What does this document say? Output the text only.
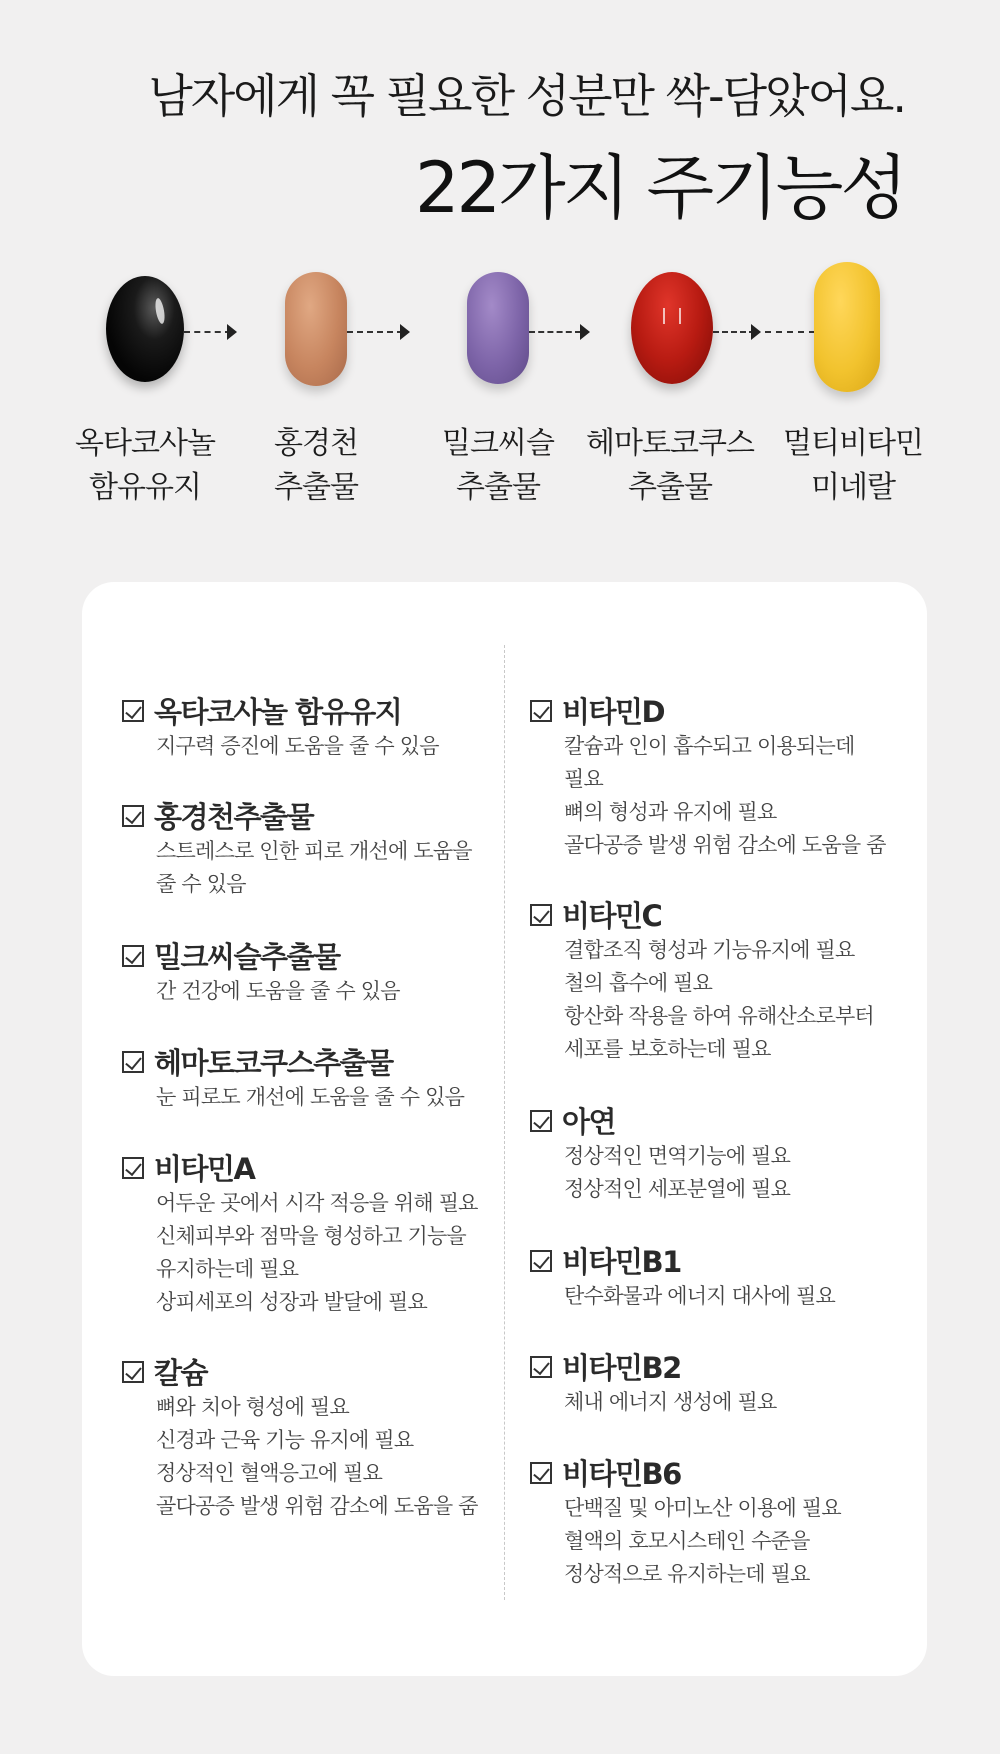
남자에게 꼭 필요한 성분만 싹-담았어요.
22가지 주기능성
옥타코사놀
함유유지
홍경천
추출물
밀크씨슬
추출물
헤마토코쿠스
추출물
멀티비타민
미네랄
옥타코사놀 함유유지
지구력 증진에 도움을 줄 수 있음
홍경천추출물
스트레스로 인한 피로 개선에 도움을
줄 수 있음
밀크씨슬추출물
간 건강에 도움을 줄 수 있음
헤마토코쿠스추출물
눈 피로도 개선에 도움을 줄 수 있음
비타민A
어두운 곳에서 시각 적응을 위해 필요
신체피부와 점막을 형성하고 기능을
유지하는데 필요
상피세포의 성장과 발달에 필요
칼슘
뼈와 치아 형성에 필요
신경과 근육 기능 유지에 필요
정상적인 혈액응고에 필요
골다공증 발생 위험 감소에 도움을 줌
비타민D
칼슘과 인이 흡수되고 이용되는데
필요
뼈의 형성과 유지에 필요
골다공증 발생 위험 감소에 도움을 줌
비타민C
결합조직 형성과 기능유지에 필요
철의 흡수에 필요
항산화 작용을 하여 유해산소로부터
세포를 보호하는데 필요
아연
정상적인 면역기능에 필요
정상적인 세포분열에 필요
비타민B1
탄수화물과 에너지 대사에 필요
비타민B2
체내 에너지 생성에 필요
비타민B6
단백질 및 아미노산 이용에 필요
혈액의 호모시스테인 수준을
정상적으로 유지하는데 필요
